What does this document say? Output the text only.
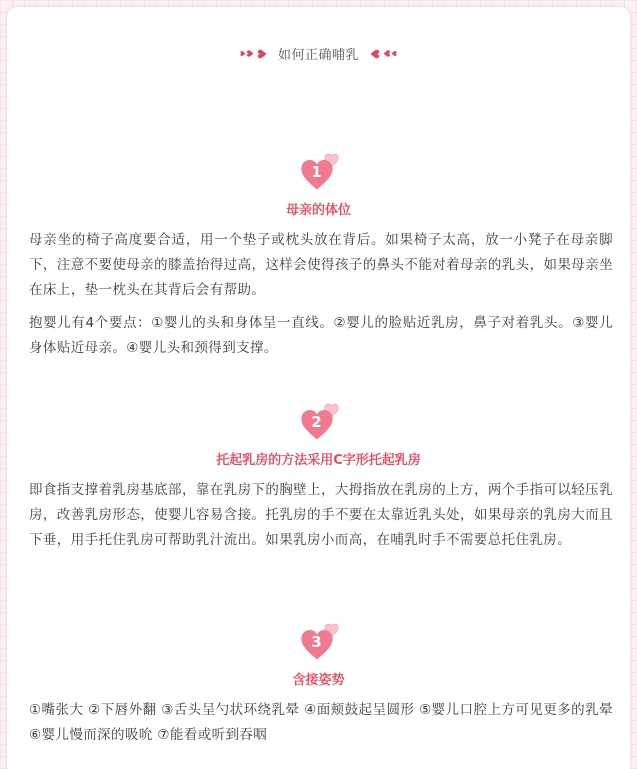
♥ ♥
♥ 如何正确哺乳 ♥
♥ ♥
1
母亲的体位

母亲坐的椅子高度要合适，用一个垫子或枕头放在背后。如果椅子太高，放一小凳子在母亲脚下，注意不要使母亲的膝盖抬得过高，这样会使得孩子的鼻头不能对着母亲的乳头，如果母亲坐在床上，垫一枕头在其背后会有帮助。

抱婴儿有4个要点：①婴儿的头和身体呈一直线。②婴儿的脸贴近乳房，鼻子对着乳头。③婴儿身体贴近母亲。④婴儿头和颈得到支撑。

2
托起乳房的方法采用C字形托起乳房

即食指支撑着乳房基底部，靠在乳房下的胸壁上，大拇指放在乳房的上方，两个手指可以轻压乳房，改善乳房形态，使婴儿容易含接。托乳房的手不要在太靠近乳头处，如果母亲的乳房大而且下垂，用手托住乳房可帮助乳汁流出。如果乳房小而高，在哺乳时手不需要总托住乳房。

3
含接姿势

①嘴张大 ②下唇外翻 ③舌头呈勺状环绕乳晕 ④面颊鼓起呈圆形 ⑤婴儿口腔上方可见更多的乳晕 ⑥婴儿慢而深的吸吮 ⑦能看或听到吞咽
